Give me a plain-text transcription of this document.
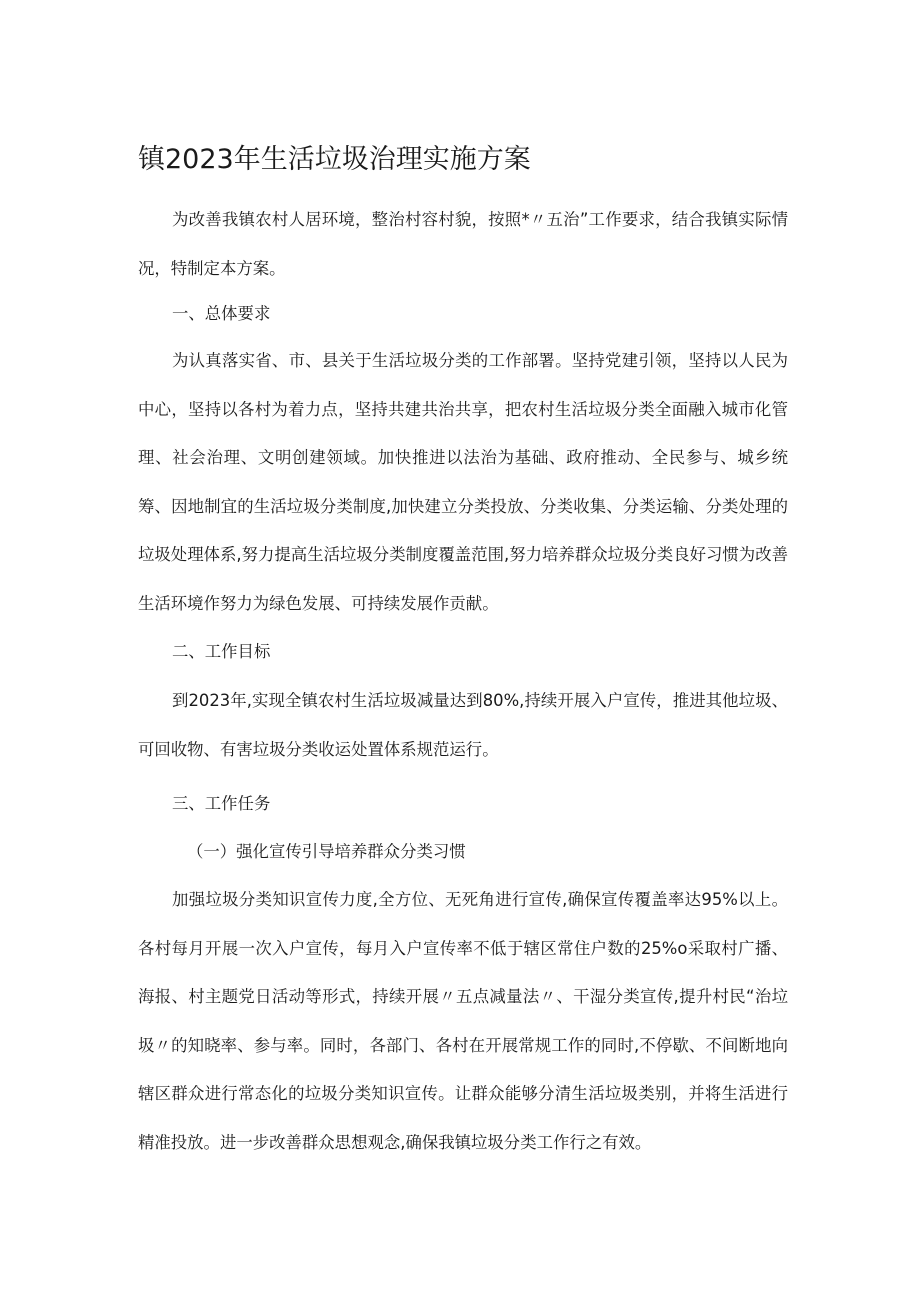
镇2023年生活垃圾治理实施方案

为改善我镇农村人居环境，整治村容村貌，按照*〃五治”工作要求，结合我镇实际情况，特制定本方案。

一、总体要求

为认真落实省、市、县关于生活垃圾分类的工作部署。坚持党建引领，坚持以人民为中心，坚持以各村为着力点，坚持共建共治共享，把农村生活垃圾分类全面融入城市化管理、社会治理、文明创建领域。加快推进以法治为基础、政府推动、全民参与、城乡统筹、因地制宜的生活垃圾分类制度,加快建立分类投放、分类收集、分类运输、分类处理的垃圾处理体系,努力提高生活垃圾分类制度覆盖范围,努力培养群众垃圾分类良好习惯为改善生活环境作努力为绿色发展、可持续发展作贡献。

二、工作目标

到2023年,实现全镇农村生活垃圾减量达到80%,持续开展入户宣传，推进其他垃圾、可回收物、有害垃圾分类收运处置体系规范运行。

三、工作任务

（一）强化宣传引导培养群众分类习惯

加强垃圾分类知识宣传力度,全方位、无死角进行宣传,确保宣传覆盖率达95%以上。各村每月开展一次入户宣传，每月入户宣传率不低于辖区常住户数的25%o采取村广播、海报、村主题党日活动等形式，持续开展〃五点减量法〃、干湿分类宣传,提升村民“治垃圾〃的知晓率、参与率。同时，各部门、各村在开展常规工作的同时,不停歇、不间断地向辖区群众进行常态化的垃圾分类知识宣传。让群众能够分清生活垃圾类别，并将生活进行精准投放。进一步改善群众思想观念,确保我镇垃圾分类工作行之有效。
